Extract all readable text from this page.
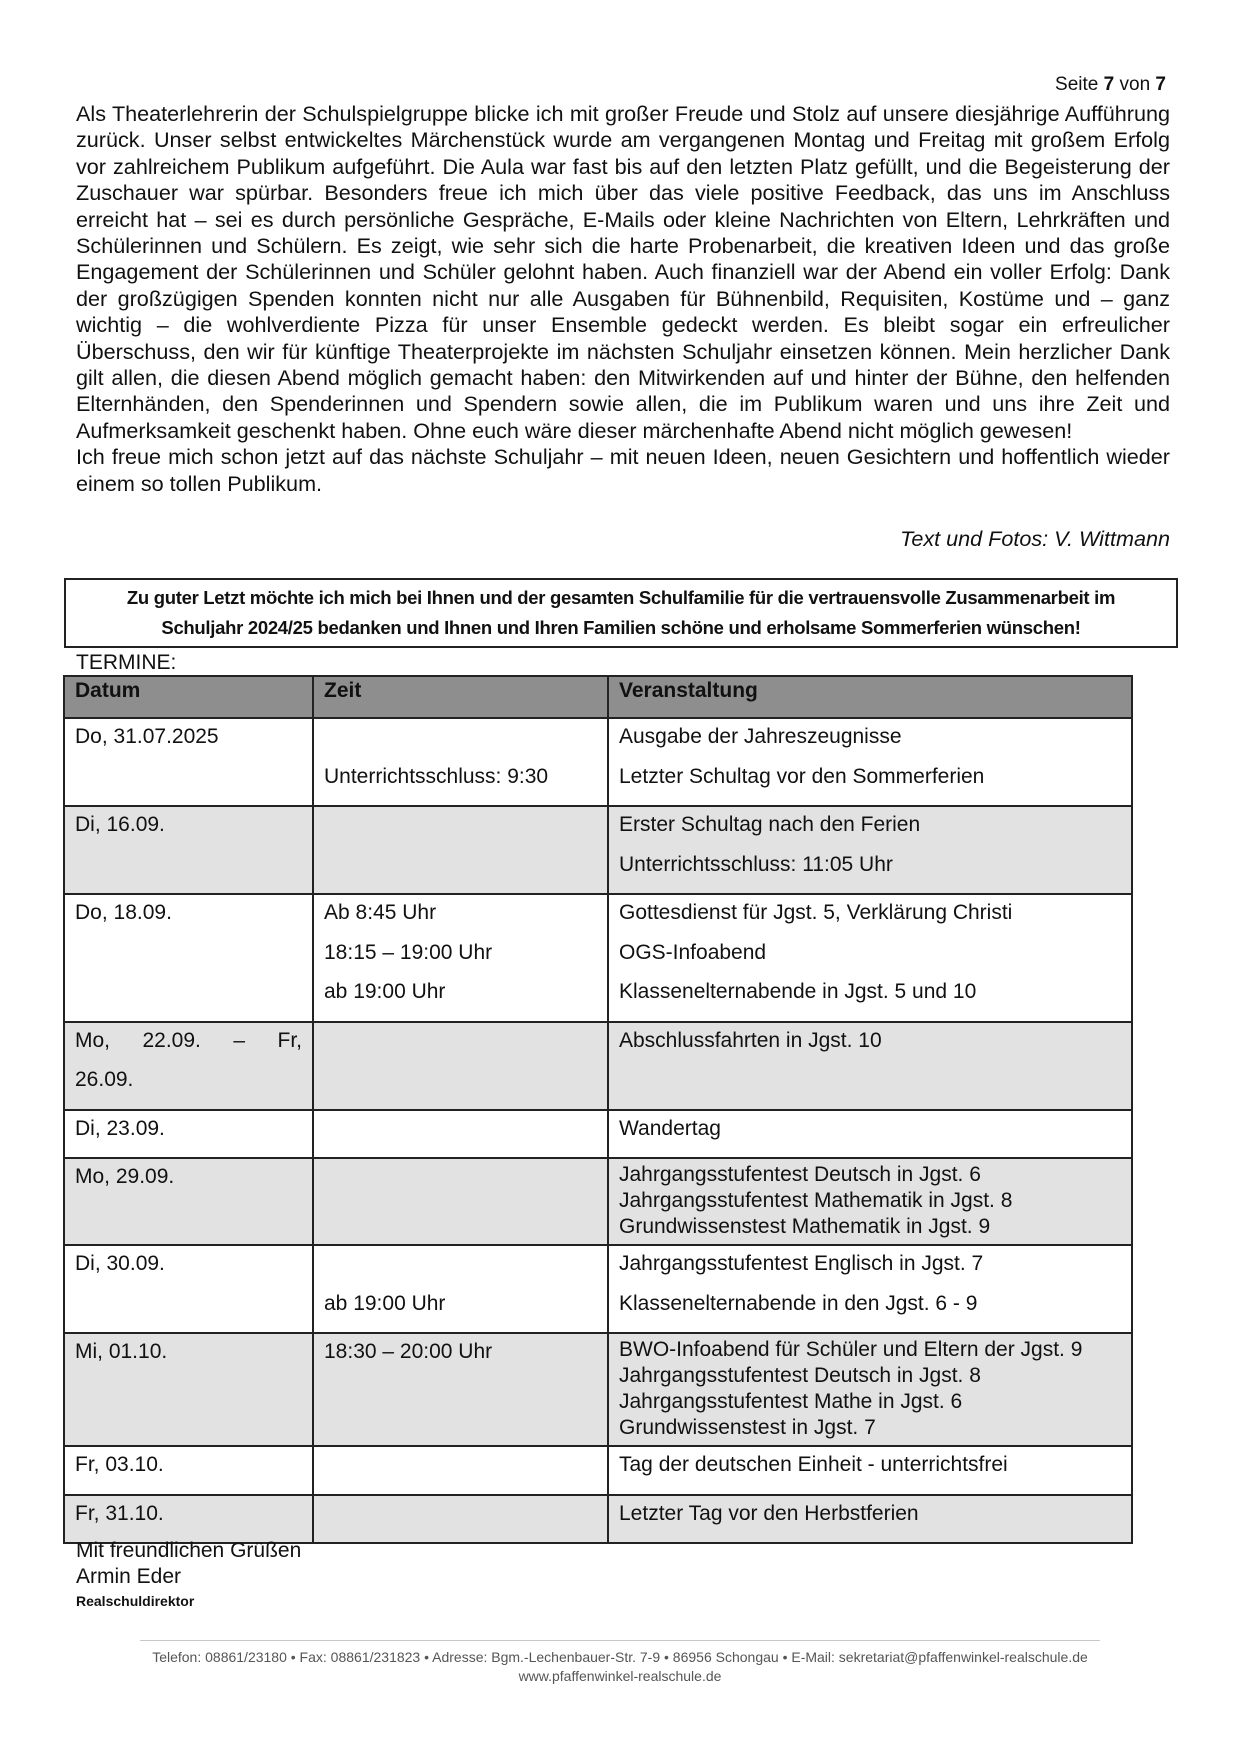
Seite 7 von 7

Als Theaterlehrerin der Schulspielgruppe blicke ich mit großer Freude und Stolz auf unsere diesjährige Aufführung zurück. Unser selbst entwickeltes Märchenstück wurde am vergangenen Montag und Freitag mit großem Erfolg vor zahlreichem Publikum aufgeführt. Die Aula war fast bis auf den letzten Platz gefüllt, und die Begeisterung der Zuschauer war spürbar. Besonders freue ich mich über das viele positive Feedback, das uns im Anschluss erreicht hat – sei es durch persönliche Gespräche, E-Mails oder kleine Nachrichten von Eltern, Lehrkräften und Schülerinnen und Schülern. Es zeigt, wie sehr sich die harte Probenarbeit, die kreativen Ideen und das große Engagement der Schülerinnen und Schüler gelohnt haben. Auch finanziell war der Abend ein voller Erfolg: Dank der großzügigen Spenden konnten nicht nur alle Ausgaben für Bühnenbild, Requisiten, Kostüme und – ganz wichtig – die wohlverdiente Pizza für unser Ensemble gedeckt werden. Es bleibt sogar ein erfreulicher Überschuss, den wir für künftige Theaterprojekte im nächsten Schuljahr einsetzen können. Mein herzlicher Dank gilt allen, die diesen Abend möglich gemacht haben: den Mitwirkenden auf und hinter der Bühne, den helfenden Elternhänden, den Spenderinnen und Spendern sowie allen, die im Publikum waren und uns ihre Zeit und Aufmerksamkeit geschenkt haben. Ohne euch wäre dieser märchenhafte Abend nicht möglich gewesen!

Ich freue mich schon jetzt auf das nächste Schuljahr – mit neuen Ideen, neuen Gesichtern und hoffentlich wieder einem so tollen Publikum.

Text und Fotos: V. Wittmann
Zu guter Letzt möchte ich mich bei Ihnen und der gesamten Schulfamilie für die vertrauensvolle Zusammenarbeit im Schuljahr 2024/25 bedanken und Ihnen und Ihren Familien schöne und erholsame Sommerferien wünschen!
TERMINE:
Datum	Zeit	Veranstaltung

Do, 31.07.2025	Unterrichtsschluss: 9:30	Ausgabe der Jahreszeugnisse
Letzter Schultag vor den Sommerferien

Di, 16.09.		Erster Schultag nach den Ferien
Unterrichtsschluss: 11:05 Uhr

Do, 18.09.	Ab 8:45 Uhr
18:15 – 19:00 Uhr
ab 19:00 Uhr	Gottesdienst für Jgst. 5, Verklärung Christi
OGS-Infoabend
Klassenelternabende in Jgst. 5 und 10

Mo, 22.09. – Fr,
26.09.		Abschlussfahrten in Jgst. 10

Di, 23.09.		Wandertag

Mo, 29.09.		Jahrgangsstufentest Deutsch in Jgst. 6
Jahrgangsstufentest Mathematik in Jgst. 8
Grundwissenstest Mathematik in Jgst. 9

Di, 30.09.	ab 19:00 Uhr	Jahrgangsstufentest Englisch in Jgst. 7
Klassenelternabende in den Jgst. 6 - 9

Mi, 01.10.	18:30 – 20:00 Uhr	BWO-Infoabend für Schüler und Eltern der Jgst. 9
Jahrgangsstufentest Deutsch in Jgst. 8
Jahrgangsstufentest Mathe in Jgst. 6
Grundwissenstest in Jgst. 7

Fr, 03.10.		Tag der deutschen Einheit - unterrichtsfrei

Fr, 31.10.		Letzter Tag vor den Herbstferien
Mit freundlichen Grüßen
Armin Eder
Realschuldirektor
Telefon: 08861/23180 • Fax: 08861/231823 • Adresse: Bgm.-Lechenbauer-Str. 7-9 • 86956 Schongau • E-Mail: sekretariat@pfaffenwinkel-realschule.de
www.pfaffenwinkel-realschule.de
